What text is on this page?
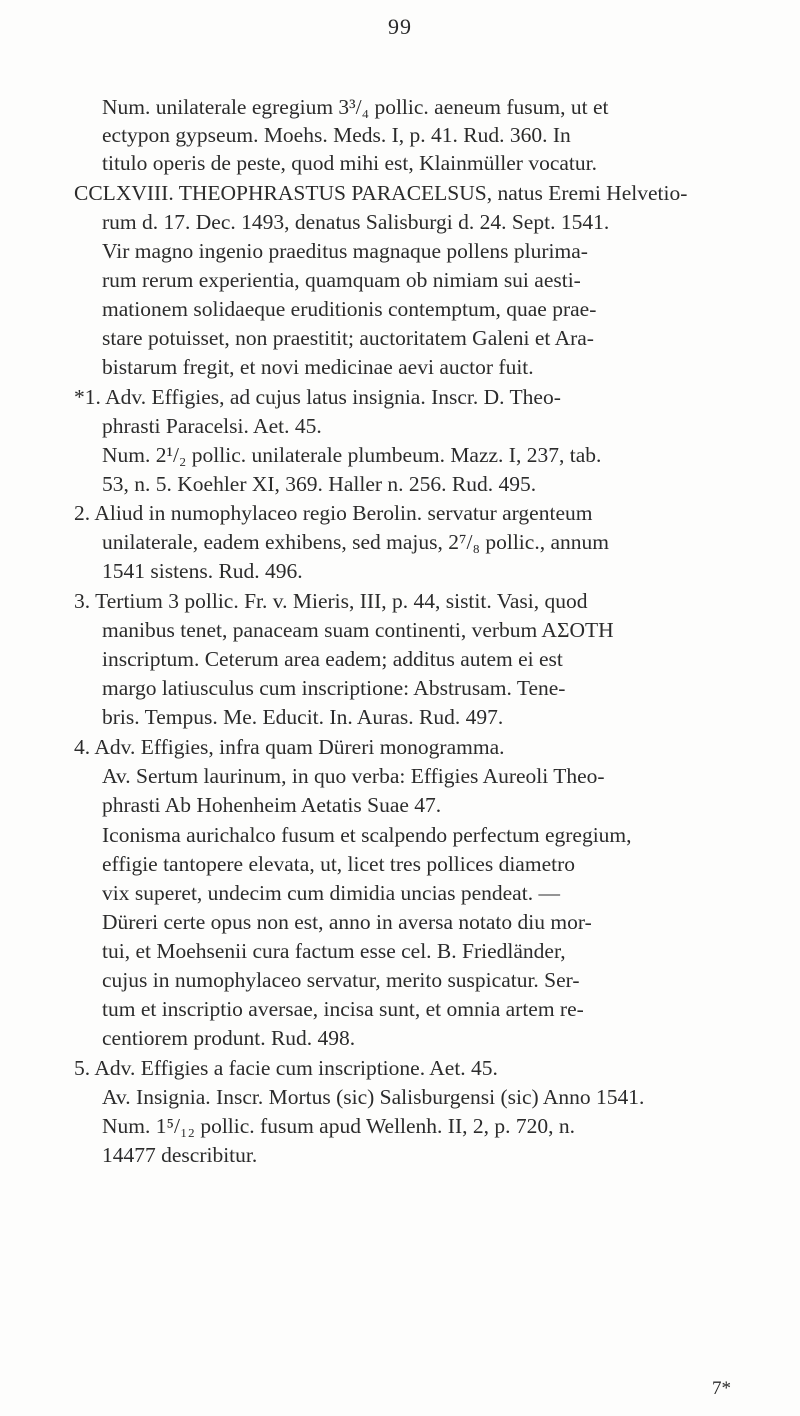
99
Num. unilaterale egregium 3³/₄ pollic. aeneum fusum, ut et
ectypon gypseum. Moehs. Meds. I, p. 41. Rud. 360. In
titulo operis de peste, quod mihi est, Klainmüller vocatur.
CCLXVIII. THEOPHRASTUS PARACELSUS, natus Eremi Helvetio-
rum d. 17. Dec. 1493, denatus Salisburgi d. 24. Sept. 1541.
Vir magno ingenio praeditus magnaque pollens plurima-
rum rerum experientia, quamquam ob nimiam sui aesti-
mationem solidaeque eruditionis contemptum, quae prae-
stare potuisset, non praestitit; auctoritatem Galeni et Ara-
bistarum fregit, et novi medicinae aevi auctor fuit.
*1. Adv. Effigies, ad cujus latus insignia. Inscr. D. Theo-
phrasti Paracelsi. Aet. 45.
Num. 2¹/₂ pollic. unilaterale plumbeum. Mazz. I, 237, tab.
53, n. 5. Koehler XI, 369. Haller n. 256. Rud. 495.
2. Aliud in numophylaceo regio Berolin. servatur argenteum
unilaterale, eadem exhibens, sed majus, 2⁷/₈ pollic., annum
1541 sistens. Rud. 496.
3. Tertium 3 pollic. Fr. v. Mieris, III, p. 44, sistit. Vasi, quod
manibus tenet, panaceam suam continenti, verbum AΣOTH
inscriptum. Ceterum area eadem; additus autem ei est
margo latiusculus cum inscriptione: Abstrusam. Tene-
bris. Tempus. Me. Educit. In. Auras. Rud. 497.
4. Adv. Effigies, infra quam Düreri monogramma.
Av. Sertum laurinum, in quo verba: Effigies Aureoli Theo-
phrasti Ab Hohenheim Aetatis Suae 47.
Iconisma aurichalco fusum et scalpendo perfectum egregium,
effigie tantopere elevata, ut, licet tres pollices diametro
vix superet, undecim cum dimidia uncias pendeat. —
Düreri certe opus non est, anno in aversa notato diu mor-
tui, et Moehsenii cura factum esse cel. B. Friedländer,
cujus in numophylaceo servatur, merito suspicatur. Ser-
tum et inscriptio aversae, incisa sunt, et omnia artem re-
centiorem produnt. Rud. 498.
5. Adv. Effigies a facie cum inscriptione. Aet. 45.
Av. Insignia. Inscr. Mortus (sic) Salisburgensi (sic) Anno 1541.
Num. 1⁵/₁₂ pollic. fusum apud Wellenh. II, 2, p. 720, n.
14477 describitur.
7*
